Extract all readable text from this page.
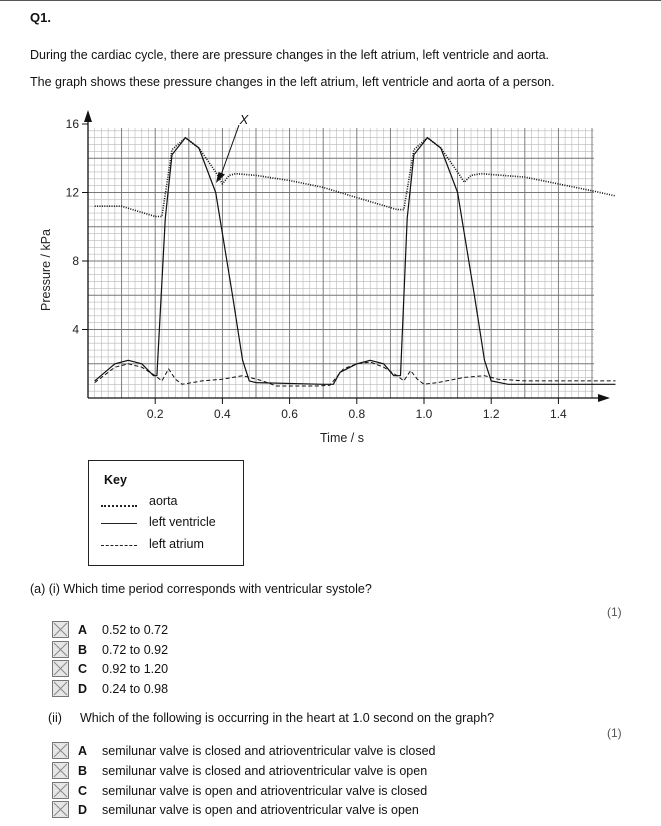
Q1.
During the cardiac cycle, there are pressure changes in the left atrium, left ventricle and aorta.
The graph shows these pressure changes in the left atrium, left ventricle and aorta of a person.
0.2	0.4	0.6	0.8	1.0	1.2	1.4
4
8
12
16
Time / s
Pressure / kPa
X
Key
aorta
left ventricle
left atrium
(a) (i) Which time period corresponds with ventricular systole?
(1)
A 0.52 to 0.72
B 0.72 to 0.92
C 0.92 to 1.20
D 0.24 to 0.98
(ii) Which of the following is occurring in the heart at 1.0 second on the graph?
(1)
A semilunar valve is closed and atrioventricular valve is closed
B semilunar valve is closed and atrioventricular valve is open
C semilunar valve is open and atrioventricular valve is closed
D semilunar valve is open and atrioventricular valve is open
